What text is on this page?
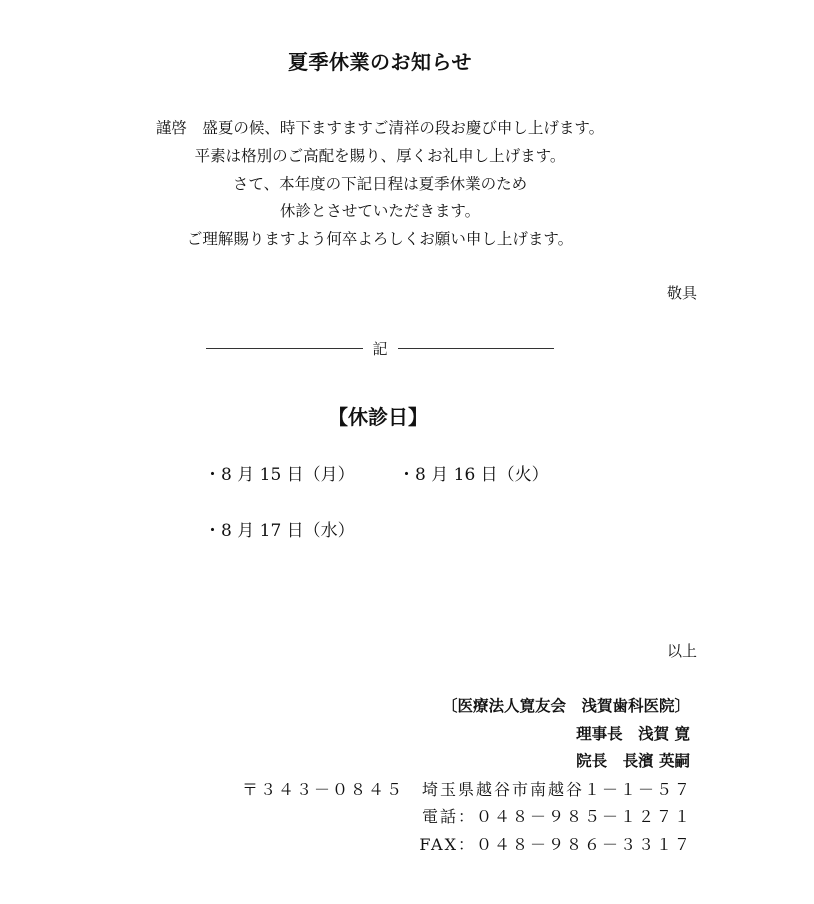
夏季休業のお知らせ
謹啓　盛夏の候、時下ますますご清祥の段お慶び申し上げます。
平素は格別のご高配を賜り、厚くお礼申し上げます。
さて、本年度の下記日程は夏季休業のため
休診とさせていただきます。
ご理解賜りますよう何卒よろしくお願い申し上げます。
敬具
記
【休診日】
・8 月 15 日（月）	・8 月 16 日（火）
・8 月 17 日（水）
以上
〔医療法人寛友会　浅賀歯科医院〕
理事長　浅賀 寛
院長　長濱 英嗣
〒３４３－０８４５　埼玉県越谷市南越谷１－１－５７
電話：０４８－９８５－１２７１
FAX：０４８－９８６－３３１７
